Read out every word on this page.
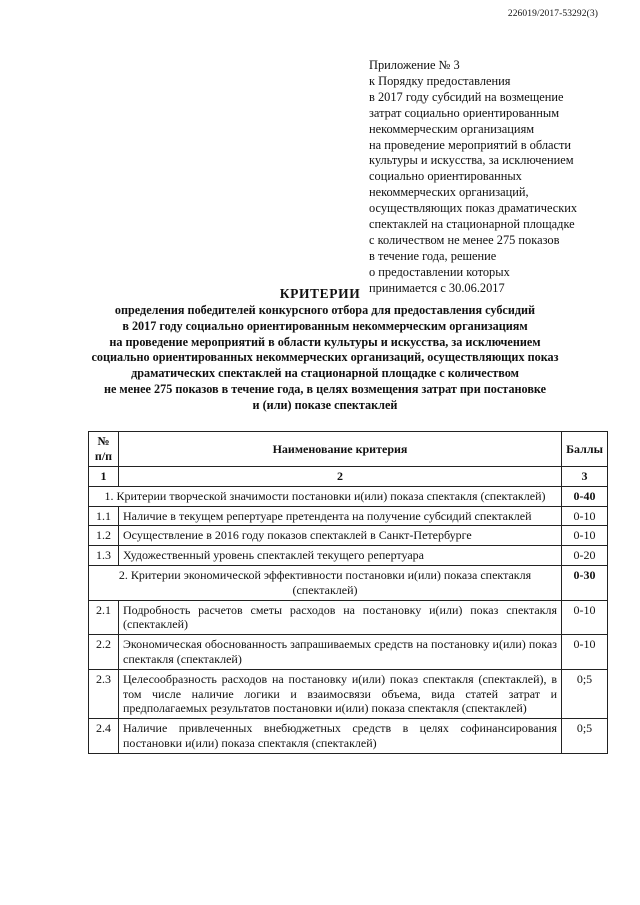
226019/2017-53292(3)
Приложение № 3
к Порядку предоставления
в 2017 году субсидий на возмещение
затрат социально ориентированным
некоммерческим организациям
на проведение мероприятий в области
культуры и искусства, за исключением
социально ориентированных
некоммерческих организаций,
осуществляющих показ драматических
спектаклей на стационарной площадке
с количеством не менее 275 показов
в течение года, решение
о предоставлении которых
принимается с 30.06.2017
КРИТЕРИИ
определения победителей конкурсного отбора для предоставления субсидий
в 2017 году социально ориентированным некоммерческим организациям
на проведение мероприятий в области культуры и искусства, за исключением
социально ориентированных некоммерческих организаций, осуществляющих показ
драматических спектаклей на стационарной площадке с количеством
не менее 275 показов в течение года, в целях возмещения затрат при постановке
и (или) показе спектаклей
№
п/п	Наименование критерия	Баллы
1	2	3
1. Критерии творческой значимости постановки и(или) показа спектакля (спектаклей)		0-40
1.1	Наличие в текущем репертуаре претендента на получение субсидий спектаклей	0-10
1.2	Осуществление в 2016 году показов спектаклей в Санкт-Петербурге	0-10
1.3	Художественный уровень спектаклей текущего репертуара	0-20
2. Критерии экономической эффективности постановки и(или) показа спектакля (спектаклей)		0-30
2.1	Подробность расчетов сметы расходов на постановку и(или) показ спектакля (спектаклей)	0-10
2.2	Экономическая обоснованность запрашиваемых средств на постановку и(или) показ спектакля (спектаклей)	0-10
2.3	Целесообразность расходов на постановку и(или) показ спектакля (спектаклей), в том числе наличие логики и взаимосвязи объема, вида статей затрат и предполагаемых результатов постановки и(или) показа спектакля (спектаклей)	0;5
2.4	Наличие привлеченных внебюджетных средств в целях софинансирования постановки и(или) показа спектакля (спектаклей)	0;5
